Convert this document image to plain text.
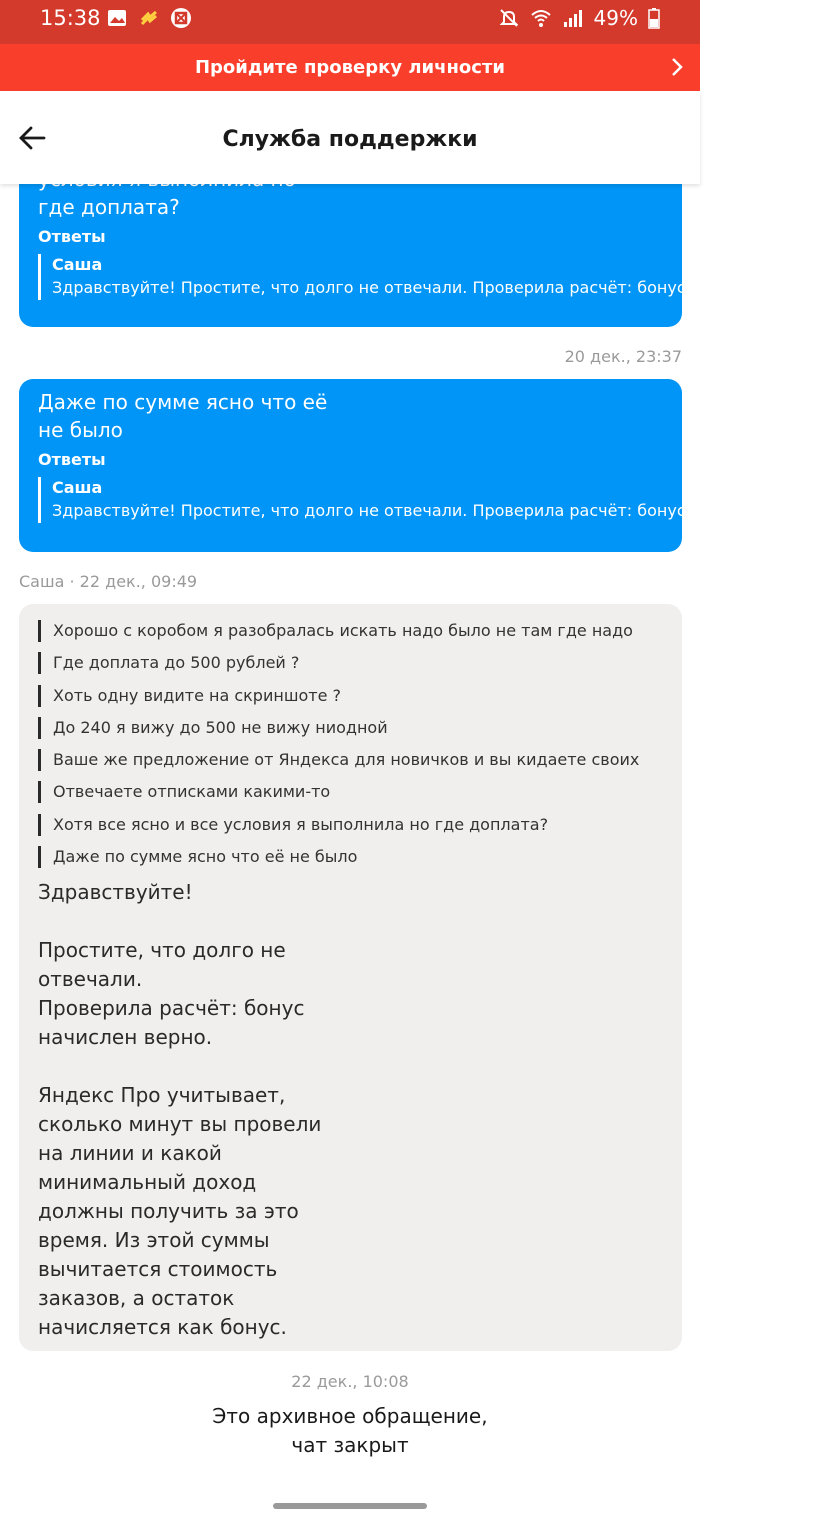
15:38	49%
Пройдите проверку личности
Служба поддержки

где доплата?
Ответы
Саша
Здравствуйте! Простите, что долго не отвечали. Проверила расчёт: бонус начислен верно.
20 дек., 23:37
Даже по сумме ясно что её
не было
Ответы
Саша
Здравствуйте! Простите, что долго не отвечали. Проверила расчёт: бонус начислен верно.
Саша · 22 дек., 09:49
Хорошо с коробом я разобралась искать надо было не там где надо
Где доплата до 500 рублей ?
Хоть одну видите на скриншоте ?
До 240 я вижу до 500 не вижу ниодной
Ваше же предложение от Яндекса для новичков и вы кидаете своих
Отвечаете отписками какими-то
Хотя все ясно и все условия я выполнила но где доплата?
Даже по сумме ясно что её не было
Здравствуйте!

Простите, что долго не
отвечали.
Проверила расчёт: бонус
начислен верно.

Яндекс Про учитывает,
сколько минут вы провели
на линии и какой
минимальный доход
должны получить за это
время. Из этой суммы
вычитается стоимость
заказов, а остаток
начисляется как бонус.
22 дек., 10:08
Это архивное обращение,
чат закрыт
